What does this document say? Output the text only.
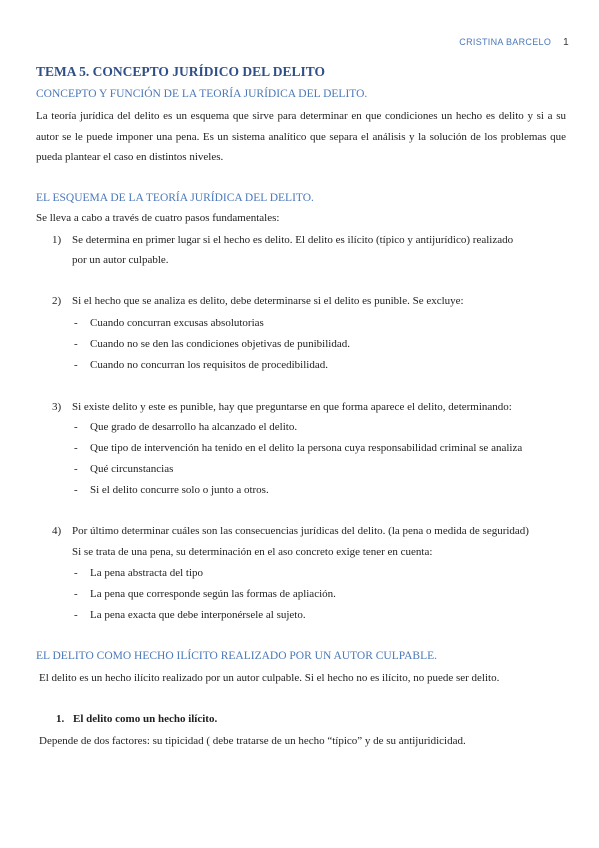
CRISTINA BARCELO 1
TEMA 5. CONCEPTO JURÍDICO DEL DELITO
CONCEPTO Y FUNCIÓN DE LA TEORÍA JURÍDICA DEL DELITO.

La teoría jurídica del delito es un esquema que sirve para determinar en que condiciones un hecho es delito y si a su autor se le puede imponer una pena. Es un sistema analítico que separa el análisis y la solución de los problemas que pueda plantear el caso en distintos niveles.

EL ESQUEMA DE LA TEORÍA JURÍDICA DEL DELITO.

Se lleva a cabo a través de cuatro pasos fundamentales:

1) Se determina en primer lugar si el hecho es delito. El delito es ilícito (típico y antijurídico) realizado

por un autor culpable.

2) Si el hecho que se analiza es delito, debe determinarse si el delito es punible. Se excluye:

- Cuando concurran excusas absolutorias

- Cuando no se den las condiciones objetivas de punibilidad.

- Cuando no concurran los requisitos de procedibilidad.

3) Si existe delito y este es punible, hay que preguntarse en que forma aparece el delito, determinando:

- Que grado de desarrollo ha alcanzado el delito.

- Que tipo de intervención ha tenido en el delito la persona cuya responsabilidad criminal se analiza

- Qué circunstancias

- Si el delito concurre solo o junto a otros.

4) Por último determinar cuáles son las consecuencias jurídicas del delito. (la pena o medida de seguridad)

Si se trata de una pena, su determinación en el aso concreto exige tener en cuenta:

- La pena abstracta del tipo

- La pena que corresponde según las formas de apliación.

- La pena exacta que debe interponérsele al sujeto.

EL DELITO COMO HECHO ILÍCITO REALIZADO POR UN AUTOR CULPABLE.

El delito es un hecho ilícito realizado por un autor culpable. Si el hecho no es ilícito, no puede ser delito.

1. El delito como un hecho ilícito.

Depende de dos factores: su tipicidad ( debe tratarse de un hecho “típico” y de su antijuridicidad.
